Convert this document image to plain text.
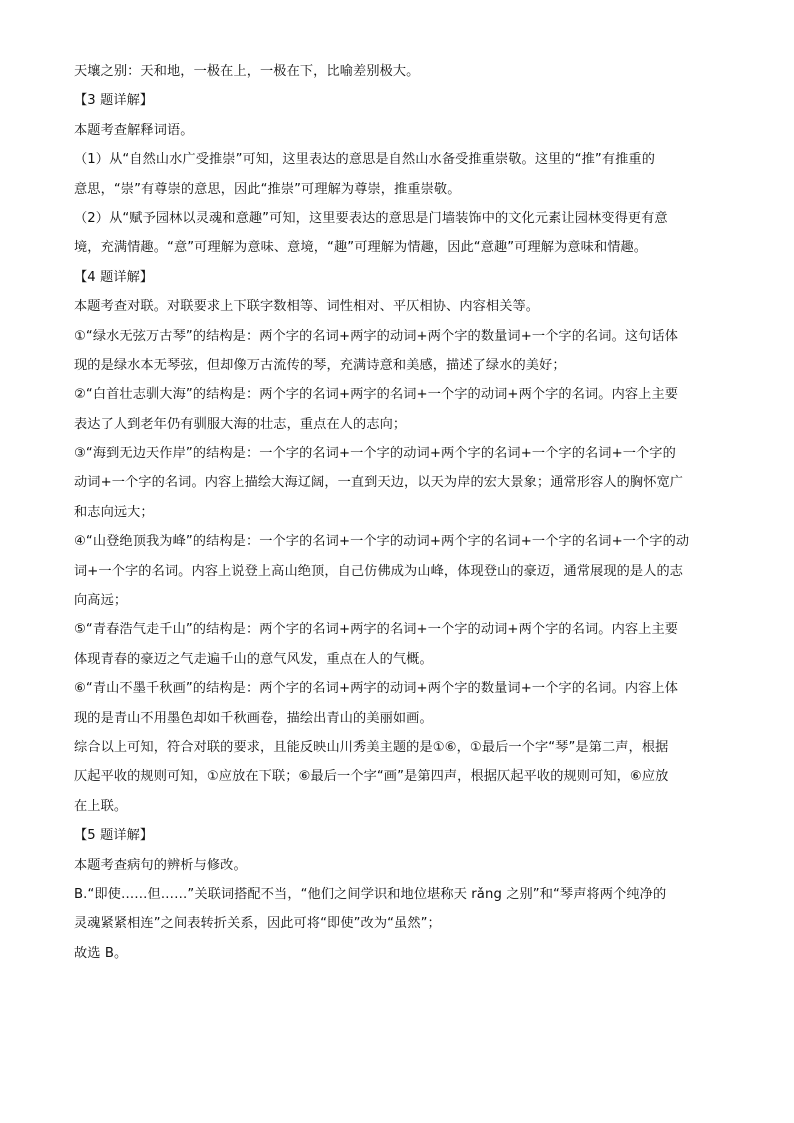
天壤之别：天和地，一极在上，一极在下，比喻差别极大。
【3 题详解】
本题考查解释词语。
（1）从“自然山水广受推崇”可知，这里表达的意思是自然山水备受推重崇敬。这里的“推”有推重的
意思，“崇”有尊崇的意思，因此“推崇”可理解为尊崇，推重崇敬。
（2）从“赋予园林以灵魂和意趣”可知，这里要表达的意思是门墙装饰中的文化元素让园林变得更有意
境，充满情趣。“意”可理解为意味、意境，“趣”可理解为情趣，因此“意趣”可理解为意味和情趣。
【4 题详解】
本题考查对联。对联要求上下联字数相等、词性相对、平仄相协、内容相关等。
①“绿水无弦万古琴”的结构是：两个字的名词+两字的动词+两个字的数量词+一个字的名词。这句话体
现的是绿水本无琴弦，但却像万古流传的琴，充满诗意和美感，描述了绿水的美好；
②“白首壮志驯大海”的结构是：两个字的名词+两字的名词+一个字的动词+两个字的名词。内容上主要
表达了人到老年仍有驯服大海的壮志，重点在人的志向；
③“海到无边天作岸”的结构是：一个字的名词+一个字的动词+两个字的名词+一个字的名词+一个字的
动词+一个字的名词。内容上描绘大海辽阔，一直到天边，以天为岸的宏大景象；通常形容人的胸怀宽广
和志向远大；
④“山登绝顶我为峰”的结构是：一个字的名词+一个字的动词+两个字的名词+一个字的名词+一个字的动
词+一个字的名词。内容上说登上高山绝顶，自己仿佛成为山峰，体现登山的豪迈，通常展现的是人的志
向高远；
⑤“青春浩气走千山”的结构是：两个字的名词+两字的名词+一个字的动词+两个字的名词。内容上主要
体现青春的豪迈之气走遍千山的意气风发，重点在人的气概。
⑥“青山不墨千秋画”的结构是：两个字的名词+两字的动词+两个字的数量词+一个字的名词。内容上体
现的是青山不用墨色却如千秋画卷，描绘出青山的美丽如画。
综合以上可知，符合对联的要求，且能反映山川秀美主题的是①⑥，①最后一个字“琴”是第二声，根据
仄起平收的规则可知，①应放在下联；⑥最后一个字“画”是第四声，根据仄起平收的规则可知，⑥应放
在上联。
【5 题详解】
本题考查病句的辨析与修改。
B.“即使……但……”关联词搭配不当，“他们之间学识和地位堪称天 rǎng 之别”和“琴声将两个纯净的
灵魂紧紧相连”之间表转折关系，因此可将“即使”改为“虽然”；
故选 B。
